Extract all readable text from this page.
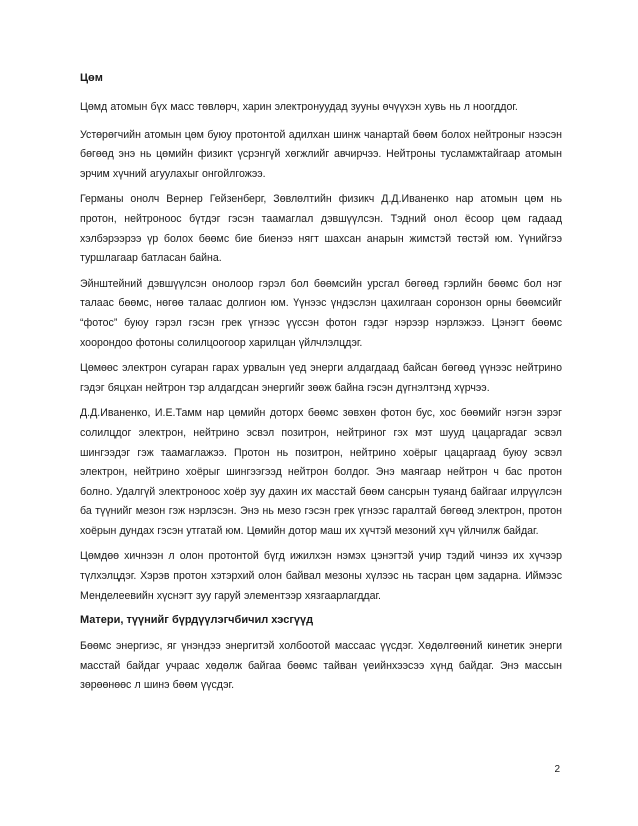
Цөм

Цөмд атомын бүх масс төвлөрч, харин электронуудад зууны өчүүхэн хувь нь л ноогддог.

Устөрөгчийн атомын цөм буюу протонтой адилхан шинж чанартай бөөм болох нейтроныг нээсэн бөгөөд энэ нь цөмийн физикт үсрэнгүй хөгжлийг авчирчээ. Нейтроны тусламжтайгаар атомын эрчим хүчний агуулахыг онгойлгожээ.

Германы онолч Вернер Гейзенберг, Зөвлөлтийн физикч Д.Д.Иваненко нар атомын цөм нь протон, нейтроноос бүтдэг гэсэн таамаглал дэвшүүлсэн. Тэдний онол ёсоор цөм гадаад хэлбэрээрээ үр болох бөөмс бие биенээ нягт шахсан анарын жимстэй төстэй юм. Үүнийгээ туршлагаар батласан байна.

Эйнштейний дэвшүүлсэн онолоор гэрэл бол бөөмсийн урсгал бөгөөд гэрлийн бөөмс бол нэг талаас бөөмс, нөгөө талаас долгион юм. Үүнээс үндэслэн цахилгаан соронзон орны бөөмсийг “фотос” буюу гэрэл гэсэн грек үгнээс үүссэн фотон гэдэг нэрээр нэрлэжээ. Цэнэгт бөөмс хоорондоо фотоны солилцоогоор харилцан үйлчлэлцдэг.

Цөмөөс электрон сугаран гарах урвалын үед энерги алдагдаад байсан бөгөөд үүнээс нейтрино гэдэг бяцхан нейтрон тэр алдагдсан энергийг зөөж байна гэсэн дүгнэлтэнд хүрчээ.

Д.Д.Иваненко, И.Е.Тамм нар цөмийн доторх бөөмс зөвхөн фотон бус, хос бөөмийг нэгэн зэрэг солилцдог электрон, нейтрино эсвэл позитрон, нейтриног гэх мэт шууд цацаргадаг эсвэл шингээдэг гэж таамаглажээ. Протон нь позитрон, нейтрино хоёрыг цацаргаад буюу эсвэл электрон, нейтрино хоёрыг шингээгээд нейтрон болдог. Энэ маягаар нейтрон ч бас протон болно. Удалгүй электроноос хоёр зуу дахин их масстай бөөм сансрын туяанд байгааг илрүүлсэн ба түүнийг мезон гэж нэрлэсэн. Энэ нь мезо гэсэн грек үгнээс гаралтай бөгөөд электрон, протон хоёрын дундах гэсэн утгатай юм. Цөмийн дотор маш их хүчтэй мезоний хүч үйлчилж байдаг.

Цөмдөө хичнээн л олон протонтой бүгд ижилхэн нэмэх цэнэгтэй учир тэдий чинээ их хүчээр түлхэлцдэг. Хэрэв протон хэтэрхий олон байвал мезоны хүлээс нь тасран цөм задарна. Иймээс Менделеевийн хүснэгт зуу гаруй элементээр хязгаарлагддаг.

Матери, түүнийг бүрдүүлэгчбичил хэсгүүд

Бөөмс энергиэс, яг үнэндээ энергитэй холбоотой массаас үүсдэг. Хөдөлгөөний кинетик энерги масстай байдаг учраас хөдөлж байгаа бөөмс тайван үеийнхээсээ хүнд байдаг. Энэ массын зөрөөнөөс л шинэ бөөм үүсдэг.

2
